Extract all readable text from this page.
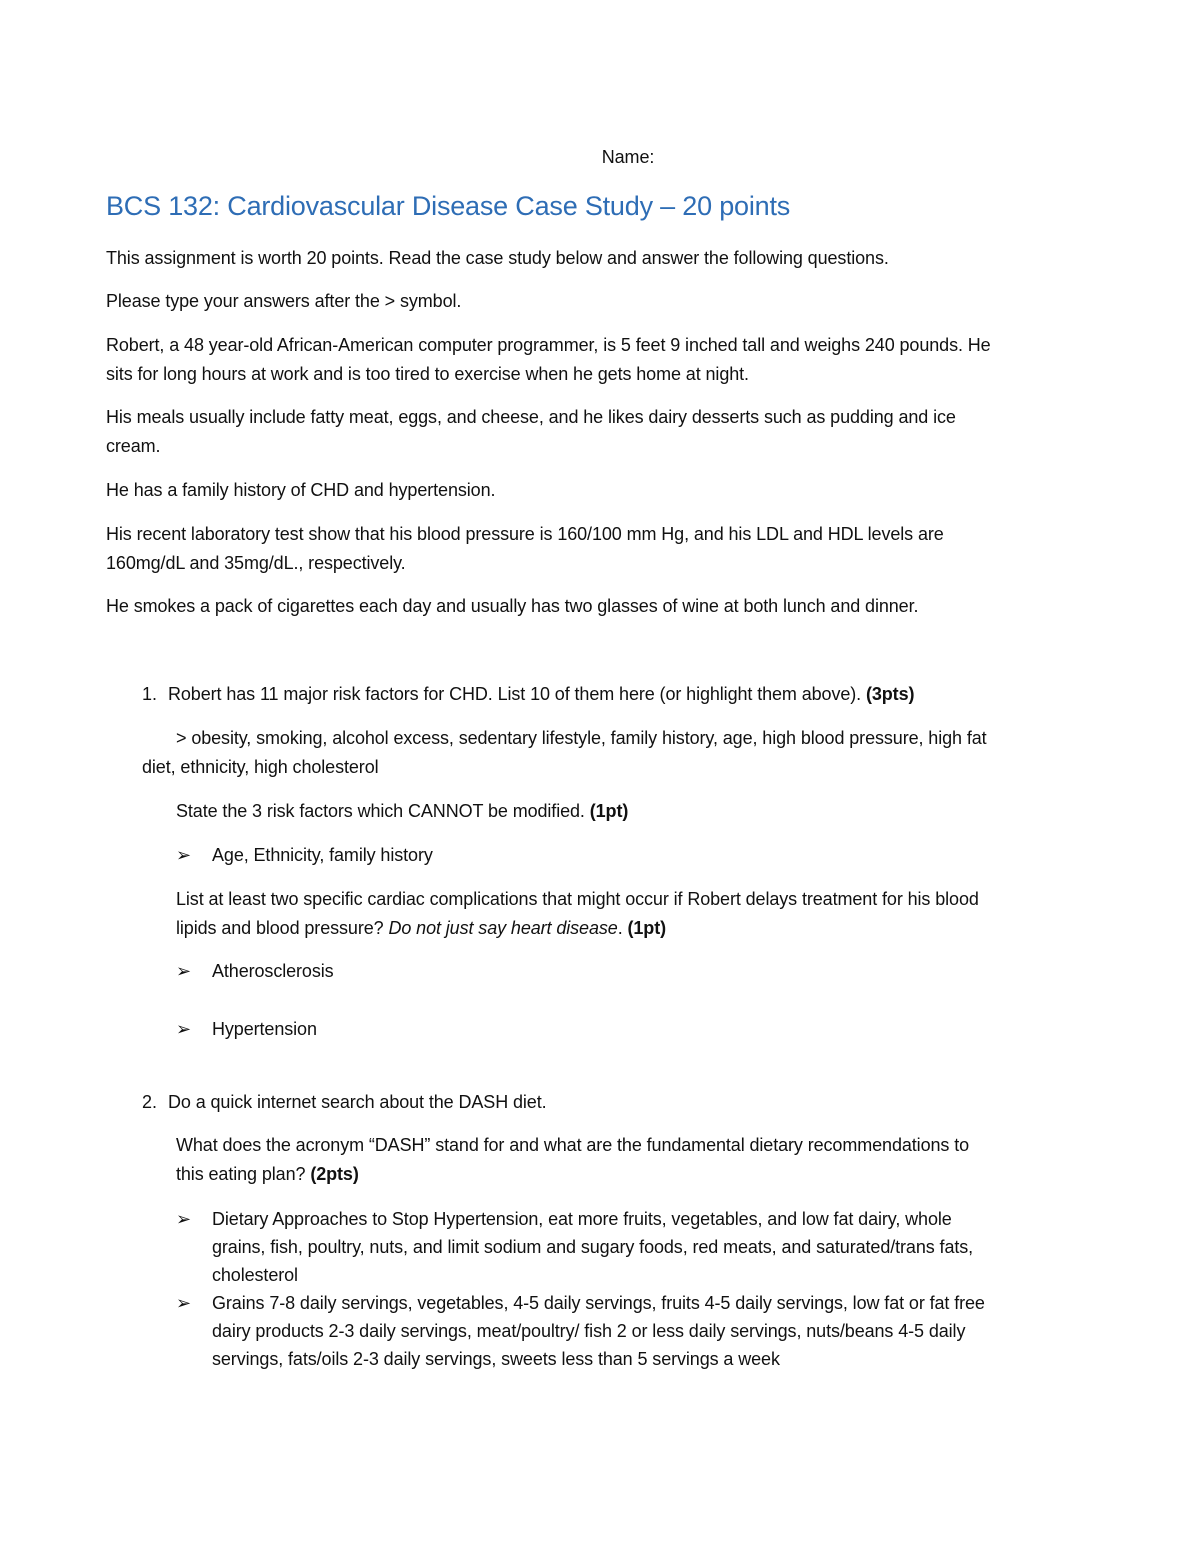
Name:
BCS 132: Cardiovascular Disease Case Study – 20 points
This assignment is worth 20 points. Read the case study below and answer the following questions.
Please type your answers after the > symbol.
Robert, a 48 year-old African-American computer programmer, is 5 feet 9 inched tall and weighs 240 pounds. He
sits for long hours at work and is too tired to exercise when he gets home at night.
His meals usually include fatty meat, eggs, and cheese, and he likes dairy desserts such as pudding and ice
cream.
He has a family history of CHD and hypertension.
His recent laboratory test show that his blood pressure is 160/100 mm Hg, and his LDL and HDL levels are
160mg/dL and 35mg/dL., respectively.
He smokes a pack of cigarettes each day and usually has two glasses of wine at both lunch and dinner.
1. Robert has 11 major risk factors for CHD. List 10 of them here (or highlight them above). (3pts)
> obesity, smoking, alcohol excess, sedentary lifestyle, family history, age, high blood pressure, high fat
diet, ethnicity, high cholesterol
State the 3 risk factors which CANNOT be modified. (1pt)
➢ Age, Ethnicity, family history
List at least two specific cardiac complications that might occur if Robert delays treatment for his blood
lipids and blood pressure? Do not just say heart disease. (1pt)
➢ Atherosclerosis
➢ Hypertension
2. Do a quick internet search about the DASH diet.
What does the acronym “DASH” stand for and what are the fundamental dietary recommendations to
this eating plan? (2pts)
➢ Dietary Approaches to Stop Hypertension, eat more fruits, vegetables, and low fat dairy, whole
grains, fish, poultry, nuts, and limit sodium and sugary foods, red meats, and saturated/trans fats,
cholesterol
➢ Grains 7-8 daily servings, vegetables, 4-5 daily servings, fruits 4-5 daily servings, low fat or fat free
dairy products 2-3 daily servings, meat/poultry/ fish 2 or less daily servings, nuts/beans 4-5 daily
servings, fats/oils 2-3 daily servings, sweets less than 5 servings a week
